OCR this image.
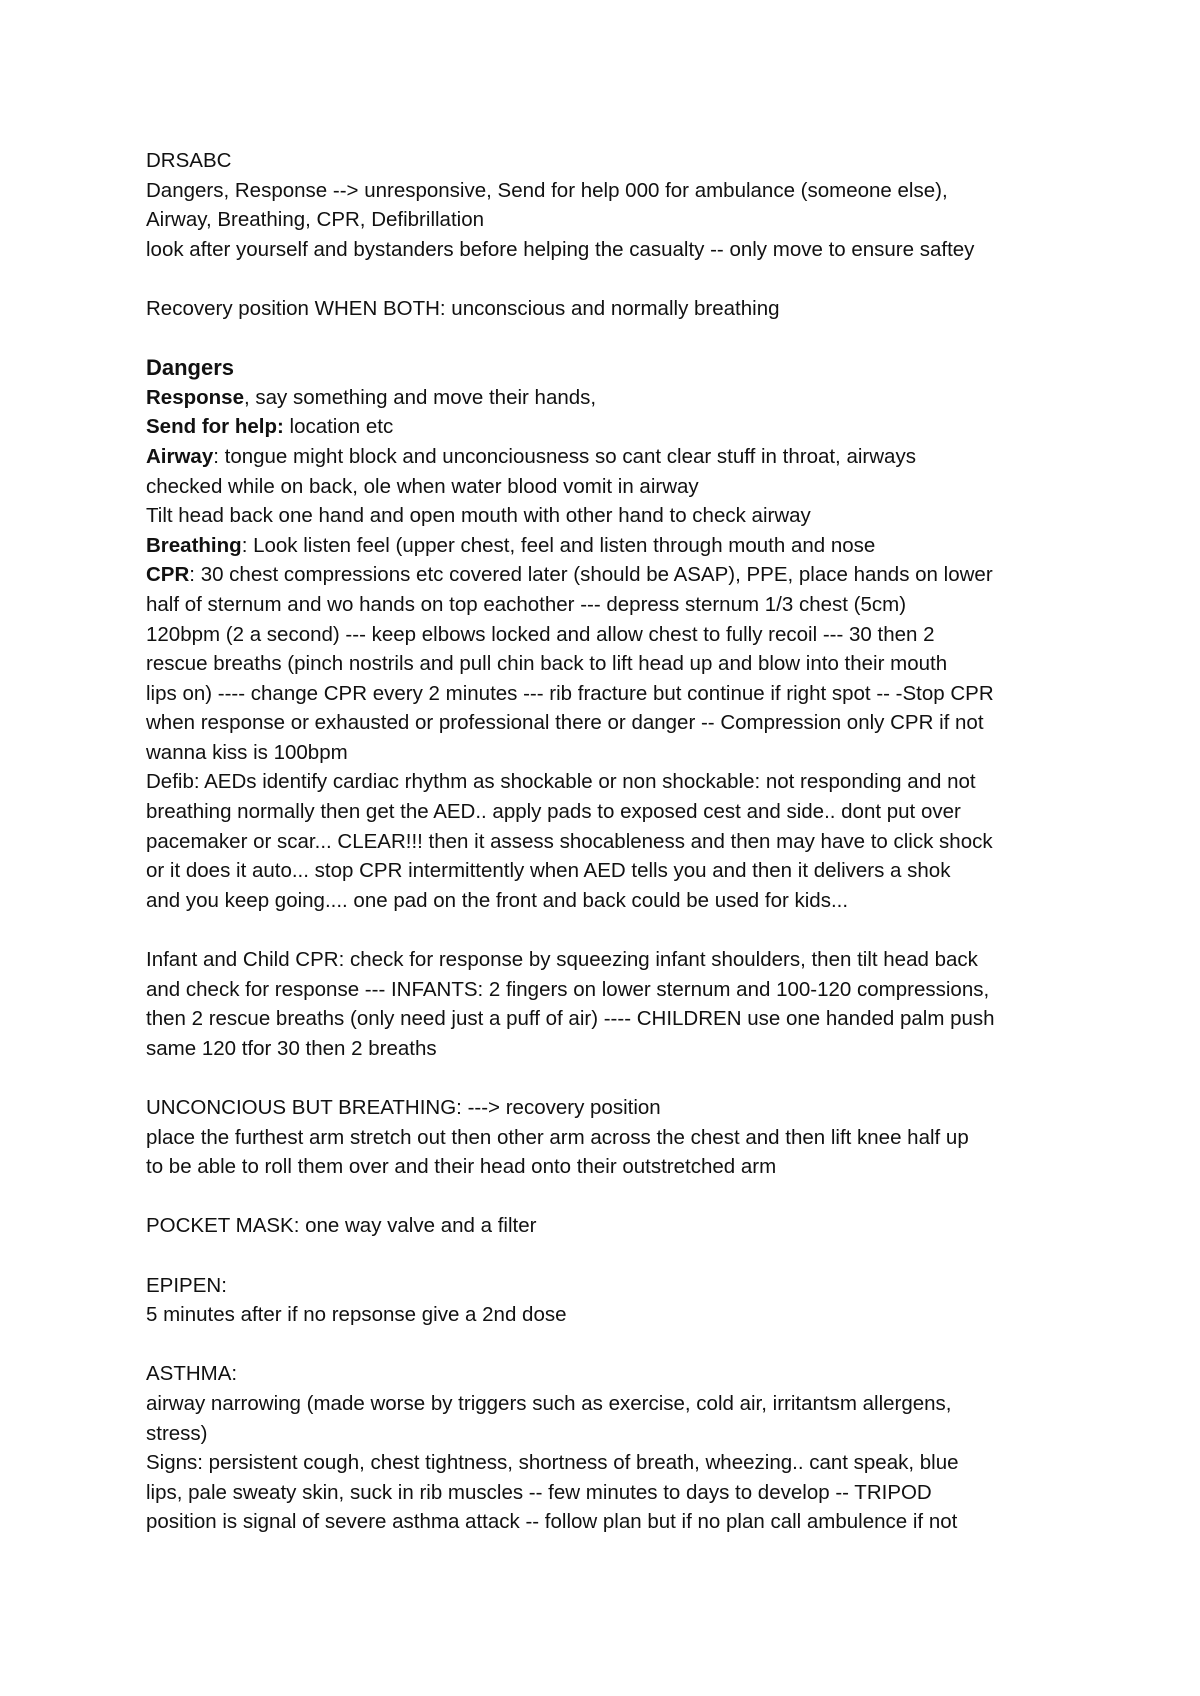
DRSABC
Dangers, Response --> unresponsive, Send for help 000 for ambulance (someone else),
Airway, Breathing, CPR, Defibrillation
look after yourself and bystanders before helping the casualty -- only move to ensure saftey
Recovery position WHEN BOTH: unconscious and normally breathing
Dangers
Response, say something and move their hands,
Send for help: location etc
Airway: tongue might block and unconciousness so cant clear stuff in throat, airways
checked while on back, ole when water blood vomit in airway
Tilt head back one hand and open mouth with other hand to check airway
Breathing: Look listen feel (upper chest, feel and listen through mouth and nose
CPR: 30 chest compressions etc covered later (should be ASAP), PPE, place hands on lower
half of sternum and wo hands on top eachother --- depress sternum 1/3 chest (5cm)
120bpm (2 a second) --- keep elbows locked and allow chest to fully recoil --- 30 then 2
rescue breaths (pinch nostrils and pull chin back to lift head up and blow into their mouth
lips on) ---- change CPR every 2 minutes --- rib fracture but continue if right spot -- -Stop CPR
when response or exhausted or professional there or danger -- Compression only CPR if not
wanna kiss is 100bpm
Defib: AEDs identify cardiac rhythm as shockable or non shockable: not responding and not
breathing normally then get the AED.. apply pads to exposed cest and side.. dont put over
pacemaker or scar... CLEAR!!! then it assess shocableness and then may have to click shock
or it does it auto... stop CPR intermittently when AED tells you and then it delivers a shok
and you keep going.... one pad on the front and back could be used for kids...
Infant and Child CPR: check for response by squeezing infant shoulders, then tilt head back
and check for response --- INFANTS: 2 fingers on lower sternum and 100-120 compressions,
then 2 rescue breaths (only need just a puff of air) ---- CHILDREN use one handed palm push
same 120 tfor 30 then 2 breaths
UNCONCIOUS BUT BREATHING: ---> recovery position
place the furthest arm stretch out then other arm across the chest and then lift knee half up
to be able to roll them over and their head onto their outstretched arm
POCKET MASK: one way valve and a filter
EPIPEN:
5 minutes after if no repsonse give a 2nd dose
ASTHMA:
airway narrowing (made worse by triggers such as exercise, cold air, irritantsm allergens,
stress)
Signs: persistent cough, chest tightness, shortness of breath, wheezing.. cant speak, blue
lips, pale sweaty skin, suck in rib muscles -- few minutes to days to develop -- TRIPOD
position is signal of severe asthma attack -- follow plan but if no plan call ambulence if not
